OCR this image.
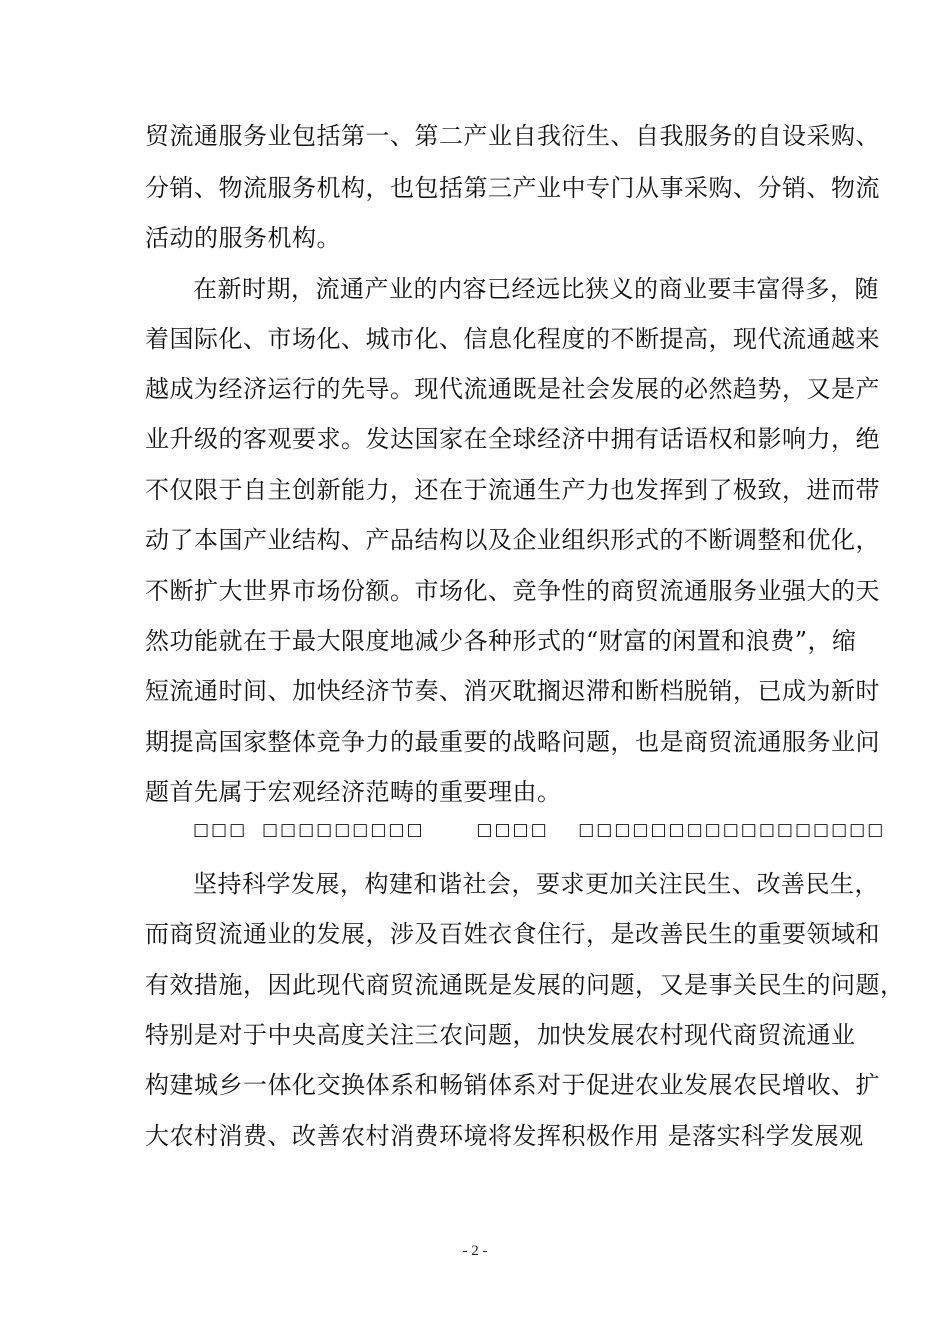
贸流通服务业包括第一、第二产业自我衍生、自我服务的自设采购、
分销、物流服务机构，也包括第三产业中专门从事采购、分销、物流
活动的服务机构。
在新时期，流通产业的内容已经远比狭义的商业要丰富得多，随
着国际化、市场化、城市化、信息化程度的不断提高，现代流通越来
越成为经济运行的先导。现代流通既是社会发展的必然趋势，又是产
业升级的客观要求。发达国家在全球经济中拥有话语权和影响力，绝
不仅限于自主创新能力，还在于流通生产力也发挥到了极致，进而带
动了本国产业结构、产品结构以及企业组织形式的不断调整和优化，
不断扩大世界市场份额。市场化、竞争性的商贸流通服务业强大的天
然功能就在于最大限度地减少各种形式的“财富的闲置和浪费”，缩
短流通时间、加快经济节奏、消灭耽搁迟滞和断档脱销，已成为新时
期提高国家整体竞争力的最重要的战略问题，也是商贸流通服务业问
题首先属于宏观经济范畴的重要理由。
□□□  □□□□□□□□□       □□□□    □□□□□□□□□□□□□□□□□
坚持科学发展，构建和谐社会，要求更加关注民生、改善民生，
而商贸流通业的发展，涉及百姓衣食住行，是改善民生的重要领域和
有效措施，因此现代商贸流通既是发展的问题，又是事关民生的问题，
特别是对于中央高度关注三农问题，加快发展农村现代商贸流通业
构建城乡一体化交换体系和畅销体系对于促进农业发展农民增收、扩
大农村消费、改善农村消费环境将发挥积极作用 是落实科学发展观
- 2 -
